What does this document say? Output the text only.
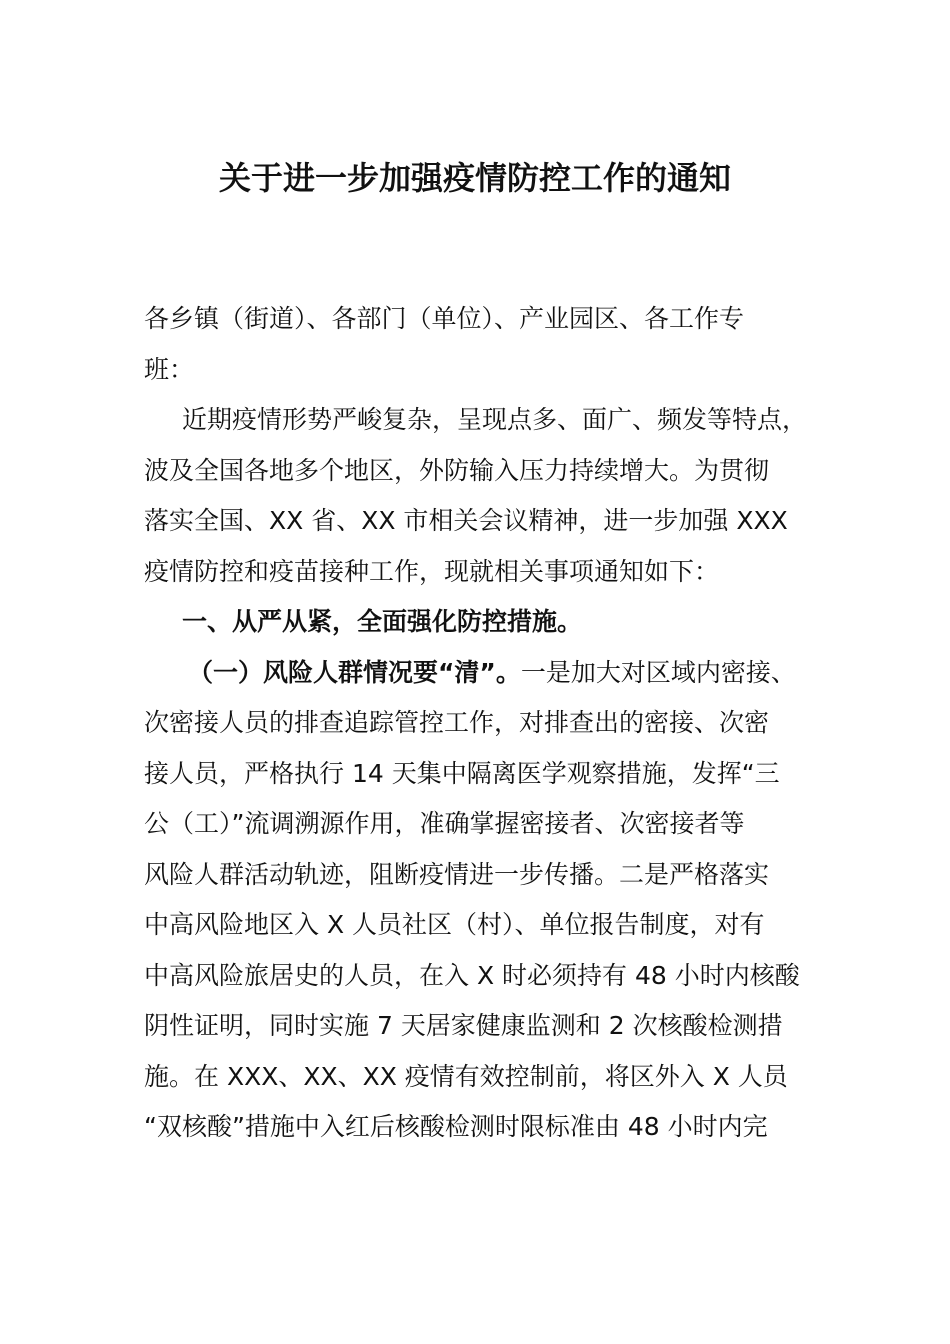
关于进一步加强疫情防控工作的通知
各乡镇（街道）、各部门（单位）、产业园区、各工作专
班：
近期疫情形势严峻复杂，呈现点多、面广、频发等特点，
波及全国各地多个地区，外防输入压力持续增大。为贯彻
落实全国、XX 省、XX 市相关会议精神，进一步加强 XXX
疫情防控和疫苗接种工作，现就相关事项通知如下：
一、从严从紧，全面强化防控措施。
（一）风险人群情况要“清”。一是加大对区域内密接、
次密接人员的排查追踪管控工作，对排查出的密接、次密
接人员，严格执行 14 天集中隔离医学观察措施，发挥“三
公（工）”流调溯源作用，准确掌握密接者、次密接者等
风险人群活动轨迹，阻断疫情进一步传播。二是严格落实
中高风险地区入 X 人员社区（村）、单位报告制度，对有
中高风险旅居史的人员，在入 X 时必须持有 48 小时内核酸
阴性证明，同时实施 7 天居家健康监测和 2 次核酸检测措
施。在 XXX、XX、XX 疫情有效控制前，将区外入 X 人员
“双核酸”措施中入红后核酸检测时限标准由 48 小时内完
